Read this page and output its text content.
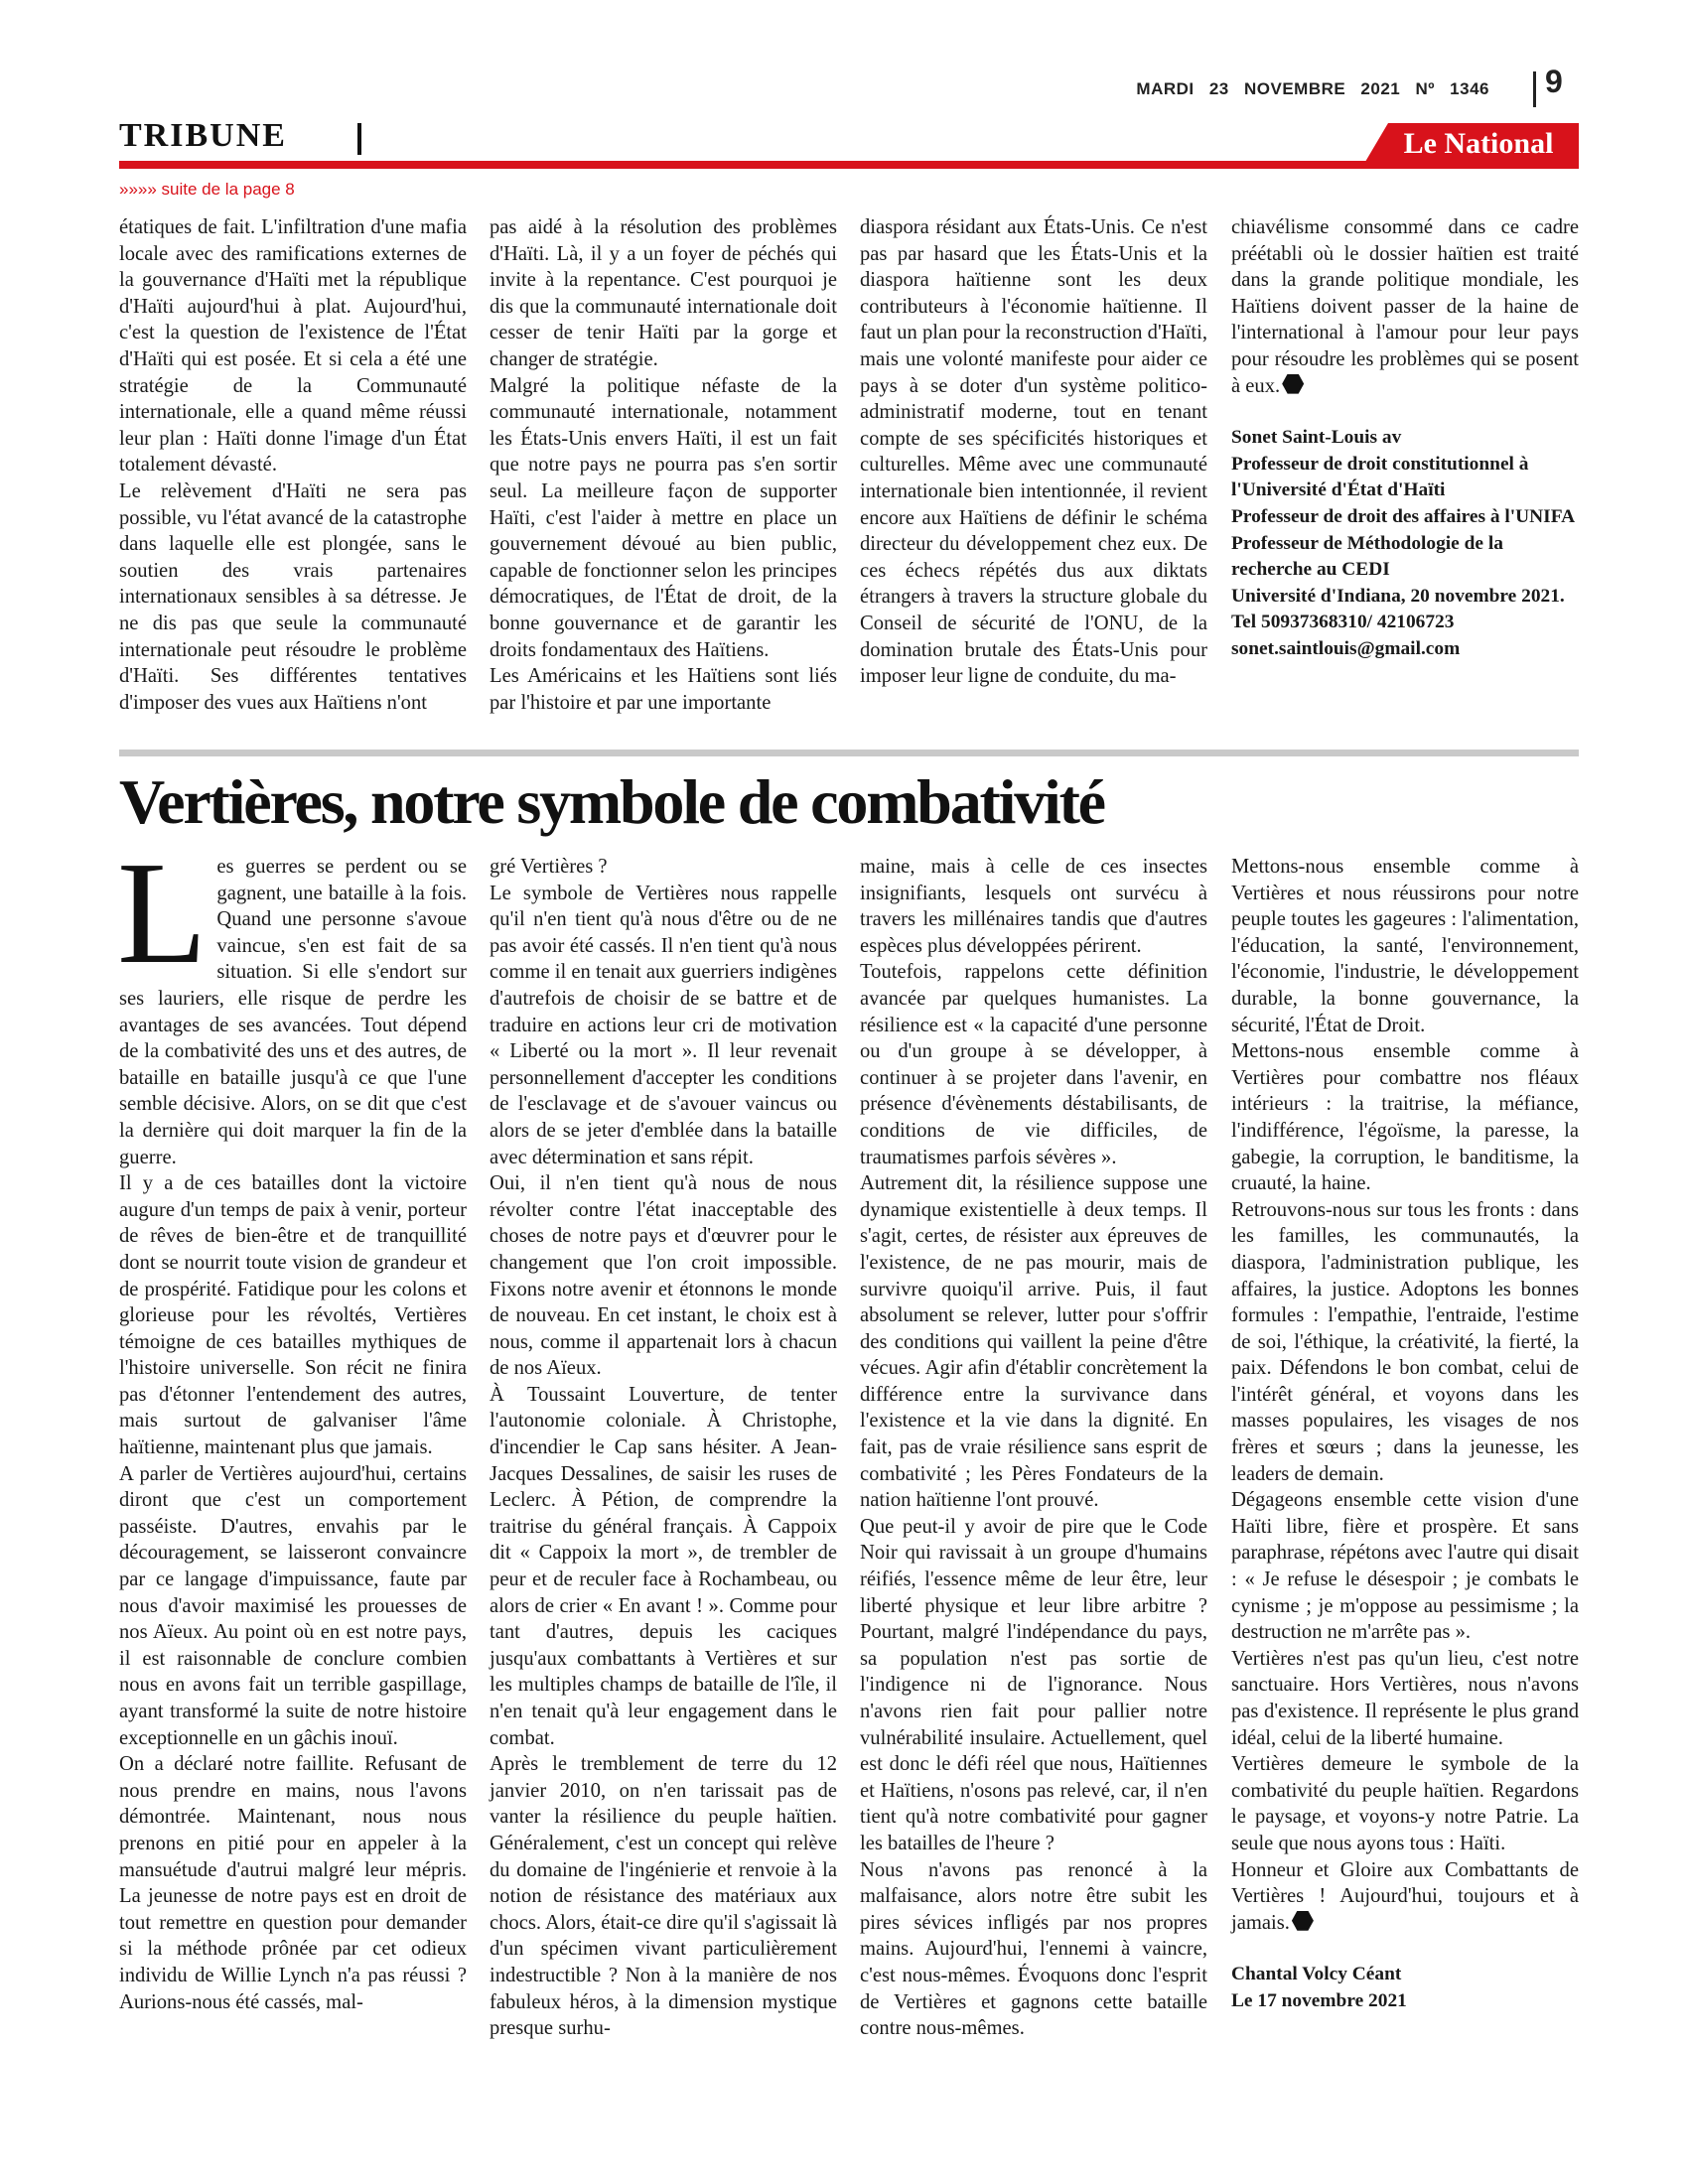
MARDI 23 NOVEMBRE 2021 Nº 1346 9
TRIBUNE	Le National
»»»» suite de la page 8

étatiques de fait. L'infiltration d'une mafia locale avec des ramifications externes de la gouvernance d'Haïti met la république d'Haïti aujourd'hui à plat. Aujourd'hui, c'est la question de l'existence de l'État d'Haïti qui est posée. Et si cela a été une stratégie de la Communauté internationale, elle a quand même réussi leur plan : Haïti donne l'image d'un État totalement dévasté.

Le relèvement d'Haïti ne sera pas possible, vu l'état avancé de la catastrophe dans laquelle elle est plongée, sans le soutien des vrais partenaires internationaux sensibles à sa détresse. Je ne dis pas que seule la communauté internationale peut résoudre le problème d'Haïti. Ses différentes tentatives d'imposer des vues aux Haïtiens n'ont

pas aidé à la résolution des problèmes d'Haïti. Là, il y a un foyer de péchés qui invite à la repentance. C'est pourquoi je dis que la communauté internationale doit cesser de tenir Haïti par la gorge et changer de stratégie.

Malgré la politique néfaste de la communauté internationale, notamment les États-Unis envers Haïti, il est un fait que notre pays ne pourra pas s'en sortir seul. La meilleure façon de supporter Haïti, c'est l'aider à mettre en place un gouvernement dévoué au bien public, capable de fonctionner selon les principes démocratiques, de l'État de droit, de la bonne gouvernance et de garantir les droits fondamentaux des Haïtiens.

Les Américains et les Haïtiens sont liés par l'histoire et par une importante

diaspora résidant aux États-Unis. Ce n'est pas par hasard que les États-Unis et la diaspora haïtienne sont les deux contributeurs à l'économie haïtienne. Il faut un plan pour la reconstruction d'Haïti, mais une volonté manifeste pour aider ce pays à se doter d'un système politico-administratif moderne, tout en tenant compte de ses spécificités historiques et culturelles. Même avec une communauté internationale bien intentionnée, il revient encore aux Haïtiens de définir le schéma directeur du développement chez eux. De ces échecs répétés dus aux diktats étrangers à travers la structure globale du Conseil de sécurité de l'ONU, de la domination brutale des États-Unis pour imposer leur ligne de conduite, du ma-

chiavélisme consommé dans ce cadre préétabli où le dossier haïtien est traité dans la grande politique mondiale, les Haïtiens doivent passer de la haine de l'international à l'amour pour leur pays pour résoudre les problèmes qui se posent à eux.

Sonet Saint-Louis av
Professeur de droit constitutionnel à l'Université d'État d'Haïti
Professeur de droit des affaires à l'UNIFA
Professeur de Méthodologie de la recherche au CEDI
Université d'Indiana, 20 novembre 2021.
Tel 50937368310/ 42106723
sonet.saintlouis@gmail.com
Vertières, notre symbole de combativité

Les guerres se perdent ou se gagnent, une bataille à la fois. Quand une personne s'avoue vaincue, s'en est fait de sa situation. Si elle s'endort sur ses lauriers, elle risque de perdre les avantages de ses avancées. Tout dépend de la combativité des uns et des autres, de bataille en bataille jusqu'à ce que l'une semble décisive. Alors, on se dit que c'est la dernière qui doit marquer la fin de la guerre.

Il y a de ces batailles dont la victoire augure d'un temps de paix à venir, porteur de rêves de bien-être et de tranquillité dont se nourrit toute vision de grandeur et de prospérité. Fatidique pour les colons et glorieuse pour les révoltés, Vertières témoigne de ces batailles mythiques de l'histoire universelle. Son récit ne finira pas d'étonner l'entendement des autres, mais surtout de galvaniser l'âme haïtienne, maintenant plus que jamais.

A parler de Vertières aujourd'hui, certains diront que c'est un comportement passéiste. D'autres, envahis par le découragement, se laisseront convaincre par ce langage d'impuissance, faute par nous d'avoir maximisé les prouesses de nos Aïeux. Au point où en est notre pays, il est raisonnable de conclure combien nous en avons fait un terrible gaspillage, ayant transformé la suite de notre histoire exceptionnelle en un gâchis inouï.

On a déclaré notre faillite. Refusant de nous prendre en mains, nous l'avons démontrée. Maintenant, nous nous prenons en pitié pour en appeler à la mansuétude d'autrui malgré leur mépris. La jeunesse de notre pays est en droit de tout remettre en question pour demander si la méthode prônée par cet odieux individu de Willie Lynch n'a pas réussi ? Aurions-nous été cassés, mal-

gré Vertières ?

Le symbole de Vertières nous rappelle qu'il n'en tient qu'à nous d'être ou de ne pas avoir été cassés. Il n'en tient qu'à nous comme il en tenait aux guerriers indigènes d'autrefois de choisir de se battre et de traduire en actions leur cri de motivation « Liberté ou la mort ». Il leur revenait personnellement d'accepter les conditions de l'esclavage et de s'avouer vaincus ou alors de se jeter d'emblée dans la bataille avec détermination et sans répit.

Oui, il n'en tient qu'à nous de nous révolter contre l'état inacceptable des choses de notre pays et d'œuvrer pour le changement que l'on croit impossible. Fixons notre avenir et étonnons le monde de nouveau. En cet instant, le choix est à nous, comme il appartenait lors à chacun de nos Aïeux.

À Toussaint Louverture, de tenter l'autonomie coloniale. À Christophe, d'incendier le Cap sans hésiter. A Jean-Jacques Dessalines, de saisir les ruses de Leclerc. À Pétion, de comprendre la traitrise du général français. À Cappoix dit « Cappoix la mort », de trembler de peur et de reculer face à Rochambeau, ou alors de crier « En avant ! ». Comme pour tant d'autres, depuis les caciques jusqu'aux combattants à Vertières et sur les multiples champs de bataille de l'île, il n'en tenait qu'à leur engagement dans le combat.

Après le tremblement de terre du 12 janvier 2010, on n'en tarissait pas de vanter la résilience du peuple haïtien. Généralement, c'est un concept qui relève du domaine de l'ingénierie et renvoie à la notion de résistance des matériaux aux chocs. Alors, était-ce dire qu'il s'agissait là d'un spécimen vivant particulièrement indestructible ? Non à la manière de nos fabuleux héros, à la dimension mystique presque surhu-

maine, mais à celle de ces insectes insignifiants, lesquels ont survécu à travers les millénaires tandis que d'autres espèces plus développées périrent.

Toutefois, rappelons cette définition avancée par quelques humanistes. La résilience est « la capacité d'une personne ou d'un groupe à se développer, à continuer à se projeter dans l'avenir, en présence d'évènements déstabilisants, de conditions de vie difficiles, de traumatismes parfois sévères ».

Autrement dit, la résilience suppose une dynamique existentielle à deux temps. Il s'agit, certes, de résister aux épreuves de l'existence, de ne pas mourir, mais de survivre quoiqu'il arrive. Puis, il faut absolument se relever, lutter pour s'offrir des conditions qui vaillent la peine d'être vécues. Agir afin d'établir concrètement la différence entre la survivance dans l'existence et la vie dans la dignité. En fait, pas de vraie résilience sans esprit de combativité ; les Pères Fondateurs de la nation haïtienne l'ont prouvé.

Que peut-il y avoir de pire que le Code Noir qui ravissait à un groupe d'humains réifiés, l'essence même de leur être, leur liberté physique et leur libre arbitre ? Pourtant, malgré l'indépendance du pays, sa population n'est pas sortie de l'indigence ni de l'ignorance. Nous n'avons rien fait pour pallier notre vulnérabilité insulaire. Actuellement, quel est donc le défi réel que nous, Haïtiennes et Haïtiens, n'osons pas relevé, car, il n'en tient qu'à notre combativité pour gagner les batailles de l'heure ?

Nous n'avons pas renoncé à la malfaisance, alors notre être subit les pires sévices infligés par nos propres mains. Aujourd'hui, l'ennemi à vaincre, c'est nous-mêmes. Évoquons donc l'esprit de Vertières et gagnons cette bataille contre nous-mêmes.

Mettons-nous ensemble comme à Vertières et nous réussirons pour notre peuple toutes les gageures : l'alimentation, l'éducation, la santé, l'environnement, l'économie, l'industrie, le développement durable, la bonne gouvernance, la sécurité, l'État de Droit.

Mettons-nous ensemble comme à Vertières pour combattre nos fléaux intérieurs : la traitrise, la méfiance, l'indifférence, l'égoïsme, la paresse, la gabegie, la corruption, le banditisme, la cruauté, la haine.

Retrouvons-nous sur tous les fronts : dans les familles, les communautés, la diaspora, l'administration publique, les affaires, la justice. Adoptons les bonnes formules : l'empathie, l'entraide, l'estime de soi, l'éthique, la créativité, la fierté, la paix. Défendons le bon combat, celui de l'intérêt général, et voyons dans les masses populaires, les visages de nos frères et sœurs ; dans la jeunesse, les leaders de demain.

Dégageons ensemble cette vision d'une Haïti libre, fière et prospère. Et sans paraphrase, répétons avec l'autre qui disait : « Je refuse le désespoir ; je combats le cynisme ; je m'oppose au pessimisme ; la destruction ne m'arrête pas ».

Vertières n'est pas qu'un lieu, c'est notre sanctuaire. Hors Vertières, nous n'avons pas d'existence. Il représente le plus grand idéal, celui de la liberté humaine.

Vertières demeure le symbole de la combativité du peuple haïtien. Regardons le paysage, et voyons-y notre Patrie. La seule que nous ayons tous : Haïti.

Honneur et Gloire aux Combattants de Vertières ! Aujourd'hui, toujours et à jamais.

Chantal Volcy Céant
Le 17 novembre 2021
